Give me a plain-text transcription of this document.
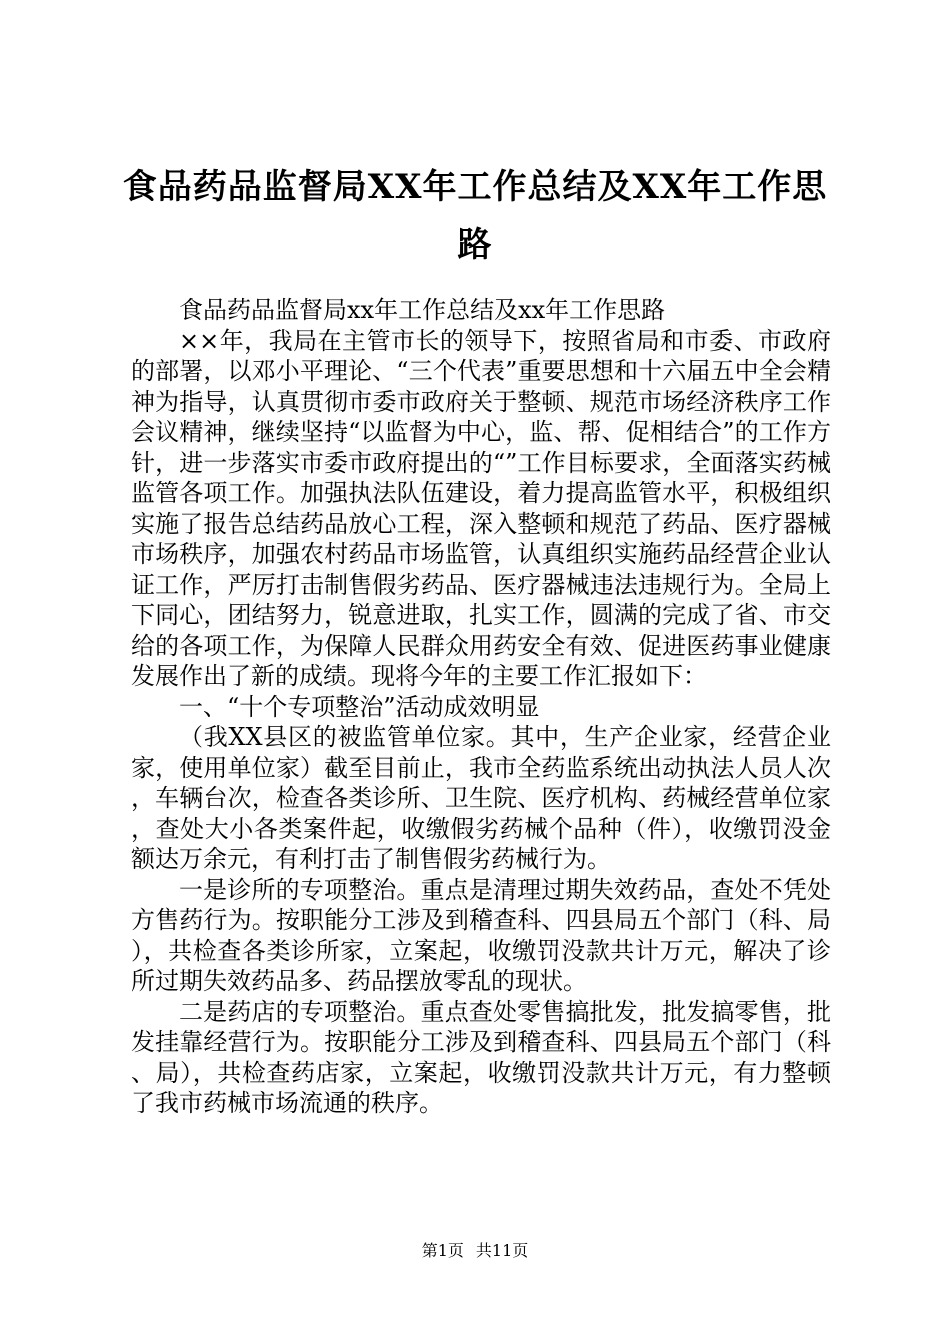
食品药品监督局XX年工作总结及XX年工作思路

食品药品监督局xx年工作总结及xx年工作思路

××年，我局在主管市长的领导下，按照省局和市委、市政府的部署，以邓小平理论、“三个代表”重要思想和十六届五中全会精神为指导，认真贯彻市委市政府关于整顿、规范市场经济秩序工作会议精神，继续坚持“以监督为中心，监、帮、促相结合”的工作方针，进一步落实市委市政府提出的“”工作目标要求，全面落实药械监管各项工作。加强执法队伍建设，着力提高监管水平，积极组织实施了报告总结药品放心工程，深入整顿和规范了药品、医疗器械市场秩序，加强农村药品市场监管，认真组织实施药品经营企业认证工作，严厉打击制售假劣药品、医疗器械违法违规行为。全局上下同心，团结努力，锐意进取，扎实工作，圆满的完成了省、市交给的各项工作，为保障人民群众用药安全有效、促进医药事业健康发展作出了新的成绩。现将今年的主要工作汇报如下：

一、“十个专项整治”活动成效明显

（我XX县区的被监管单位家。其中，生产企业家，经营企业家，使用单位家）截至目前止，我市全药监系统出动执法人员人次，车辆台次，检查各类诊所、卫生院、医疗机构、药械经营单位家，查处大小各类案件起，收缴假劣药械个品种（件），收缴罚没金额达万余元，有利打击了制售假劣药械行为。

一是诊所的专项整治。重点是清理过期失效药品，查处不凭处方售药行为。按职能分工涉及到稽查科、四县局五个部门（科、局），共检查各类诊所家，立案起，收缴罚没款共计万元，解决了诊所过期失效药品多、药品摆放零乱的现状。

二是药店的专项整治。重点查处零售搞批发，批发搞零售，批发挂靠经营行为。按职能分工涉及到稽查科、四县局五个部门（科、局），共检查药店家，立案起，收缴罚没款共计万元，有力整顿了我市药械市场流通的秩序。

第1页 共11页
